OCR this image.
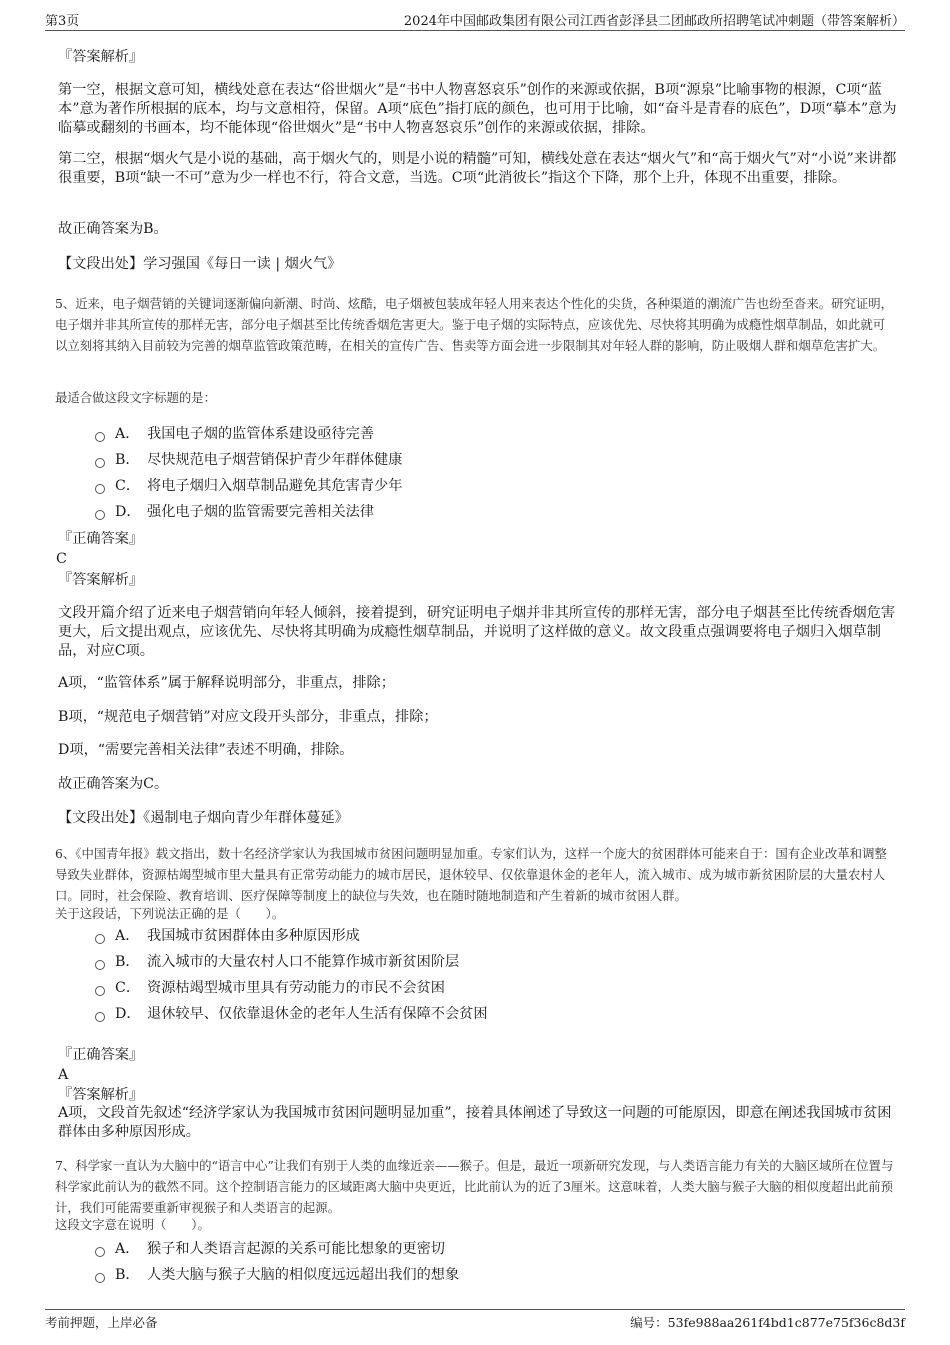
第3页	2024年中国邮政集团有限公司江西省彭泽县二团邮政所招聘笔试冲刺题（带答案解析）
『答案解析』
第一空，根据文意可知，横线处意在表达“俗世烟火”是“书中人物喜怒哀乐”创作的来源或依据，B项“源泉”比喻事物的根源，C项“蓝本”意为著作所根据的底本，均与文意相符，保留。A项“底色”指打底的颜色，也可用于比喻，如“奋斗是青春的底色”，D项“摹本”意为临摹或翻刻的书画本，均不能体现“俗世烟火”是“书中人物喜怒哀乐”创作的来源或依据，排除。
第二空，根据“烟火气是小说的基础，高于烟火气的，则是小说的精髓”可知，横线处意在表达“烟火气”和“高于烟火气”对“小说”来讲都很重要，B项“缺一不可”意为少一样也不行，符合文意，当选。C项“此消彼长”指这个下降，那个上升，体现不出重要，排除。
故正确答案为B。
【文段出处】学习强国《每日一读 | 烟火气》
5、近来，电子烟营销的关键词逐渐偏向新潮、时尚、炫酷，电子烟被包装成年轻人用来表达个性化的尖货，各种渠道的潮流广告也纷至沓来。研究证明，电子烟并非其所宣传的那样无害，部分电子烟甚至比传统香烟危害更大。鉴于电子烟的实际特点，应该优先、尽快将其明确为成瘾性烟草制品，如此就可以立刻将其纳入目前较为完善的烟草监管政策范畴，在相关的宣传广告、售卖等方面会进一步限制其对年轻人群的影响，防止吸烟人群和烟草危害扩大。
最适合做这段文字标题的是：
A． 我国电子烟的监管体系建设亟待完善
B． 尽快规范电子烟营销保护青少年群体健康
C． 将电子烟归入烟草制品避免其危害青少年
D． 强化电子烟的监管需要完善相关法律
『正确答案』
C
『答案解析』
文段开篇介绍了近来电子烟营销向年轻人倾斜，接着提到，研究证明电子烟并非其所宣传的那样无害，部分电子烟甚至比传统香烟危害更大，后文提出观点，应该优先、尽快将其明确为成瘾性烟草制品，并说明了这样做的意义。故文段重点强调要将电子烟归入烟草制品，对应C项。
A项，“监管体系”属于解释说明部分，非重点，排除；
B项，“规范电子烟营销”对应文段开头部分，非重点，排除；
D项，“需要完善相关法律”表述不明确，排除。
故正确答案为C。
【文段出处】《遏制电子烟向青少年群体蔓延》
6、《中国青年报》载文指出，数十名经济学家认为我国城市贫困问题明显加重。专家们认为，这样一个庞大的贫困群体可能来自于：国有企业改革和调整导致失业群体，资源枯竭型城市里大量具有正常劳动能力的城市居民，退休较早、仅依靠退休金的老年人，流入城市、成为城市新贫困阶层的大量农村人口。同时，社会保险、教育培训、医疗保障等制度上的缺位与失效，也在随时随地制造和产生着新的城市贫困人群。
关于这段话，下列说法正确的是（　　）。
A． 我国城市贫困群体由多种原因形成
B． 流入城市的大量农村人口不能算作城市新贫困阶层
C． 资源枯竭型城市里具有劳动能力的市民不会贫困
D． 退休较早、仅依靠退休金的老年人生活有保障不会贫困
『正确答案』
A
『答案解析』
A项，文段首先叙述“经济学家认为我国城市贫困问题明显加重”，接着具体阐述了导致这一问题的可能原因，即意在阐述我国城市贫困群体由多种原因形成。
7、科学家一直认为大脑中的“语言中心”让我们有别于人类的血缘近亲——猴子。但是，最近一项新研究发现，与人类语言能力有关的大脑区域所在位置与科学家此前认为的截然不同。这个控制语言能力的区域距离大脑中央更近，比此前认为的近了3厘米。这意味着，人类大脑与猴子大脑的相似度超出此前预计，我们可能需要重新审视猴子和人类语言的起源。
这段文字意在说明（　　）。
A． 猴子和人类语言起源的关系可能比想象的更密切
B． 人类大脑与猴子大脑的相似度远远超出我们的想象
考前押题，上岸必备	编号：53fe988aa261f4bd1c877e75f36c8d3f
